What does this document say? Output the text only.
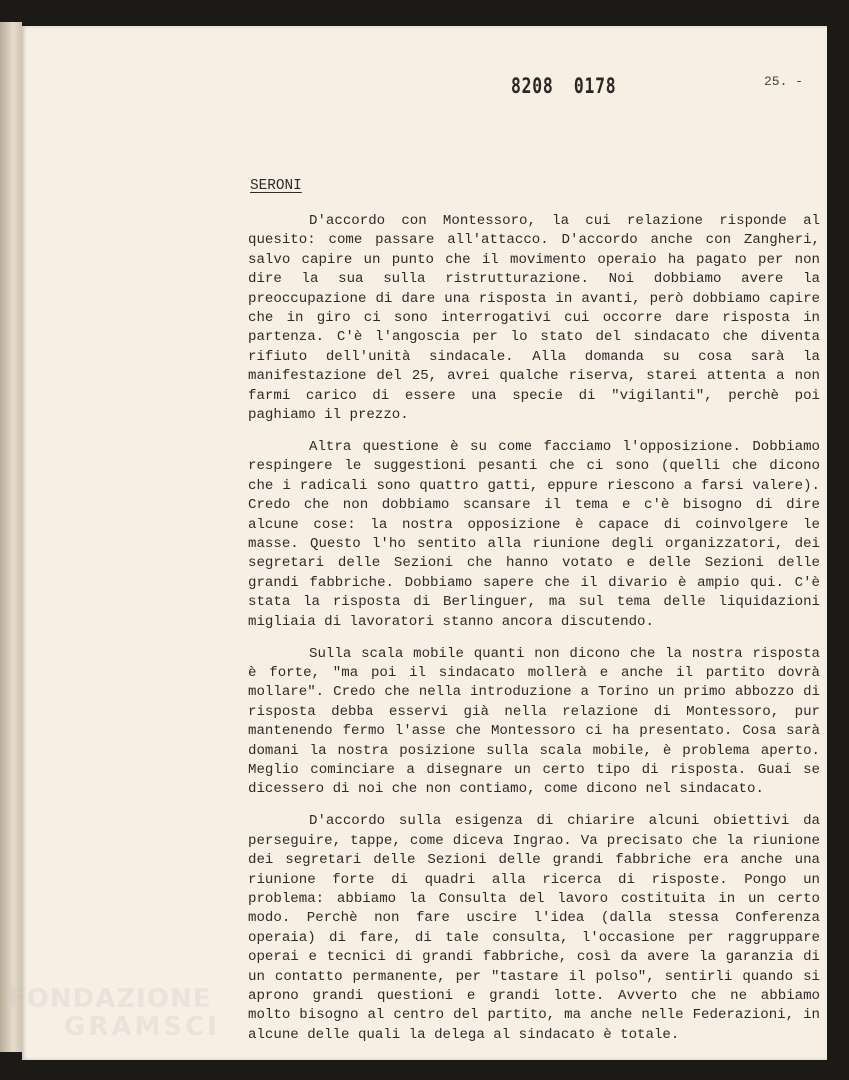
8208 0178	25. -
SERONI

D'accordo con Montessoro, la cui relazione risponde al quesito: come passare all'attacco. D'accordo anche con Zangheri, salvo capire un punto che il movimento operaio ha pagato per non dire la sua sulla ristrutturazione. Noi dobbiamo avere la preoccupazione di dare una risposta in avanti, però dobbiamo capire che in giro ci sono interrogativi cui occorre dare risposta in partenza. C'è l'angoscia per lo stato del sindacato che diventa rifiuto dell'unità sindacale. Alla domanda su cosa sarà la manifestazione del 25, avrei qualche riserva, starei attenta a non farmi carico di essere una specie di "vigilanti", perchè poi paghiamo il prezzo.

Altra questione è su come facciamo l'opposizione. Dobbiamo respingere le suggestioni pesanti che ci sono (quelli che dicono che i radicali sono quattro gatti, eppure riescono a farsi valere). Credo che non dobbiamo scansare il tema e c'è bisogno di dire alcune cose: la nostra opposizione è capace di coinvolgere le masse. Questo l'ho sentito alla riunione degli organizzatori, dei segretari delle Sezioni che hanno votato e delle Sezioni delle grandi fabbriche. Dobbiamo sapere che il divario è ampio qui. C'è stata la risposta di Berlinguer, ma sul tema delle liquidazioni migliaia di lavoratori stanno ancora discutendo.

Sulla scala mobile quanti non dicono che la nostra risposta è forte, "ma poi il sindacato mollerà e anche il partito dovrà mollare". Credo che nella introduzione a Torino un primo abbozzo di risposta debba esservi già nella relazione di Montessoro, pur mantenendo fermo l'asse che Montessoro ci ha presentato. Cosa sarà domani la nostra posizione sulla scala mobile, è problema aperto. Meglio cominciare a disegnare un certo tipo di risposta. Guai se dicessero di noi che non contiamo, come dicono nel sindacato.

D'accordo sulla esigenza di chiarire alcuni obiettivi da perseguire, tappe, come diceva Ingrao. Va precisato che la riunione dei segretari delle Sezioni delle grandi fabbriche era anche una riunione forte di quadri alla ricerca di risposte. Pongo un problema: abbiamo la Consulta del lavoro costituita in un certo modo. Perchè non fare uscire l'idea (dalla stessa Conferenza operaia) di fare, di tale consulta, l'occasione per raggruppare operai e tecnici di grandi fabbriche, così da avere la garanzia di un contatto permanente, per "tastare il polso", sentirli quando si aprono grandi questioni e grandi lotte. Avverto che ne abbiamo molto bisogno al centro del partito, ma anche nelle Federazioni, in alcune delle quali la delega al sindacato è totale.

FONDAZIONE
GRAMSCI
